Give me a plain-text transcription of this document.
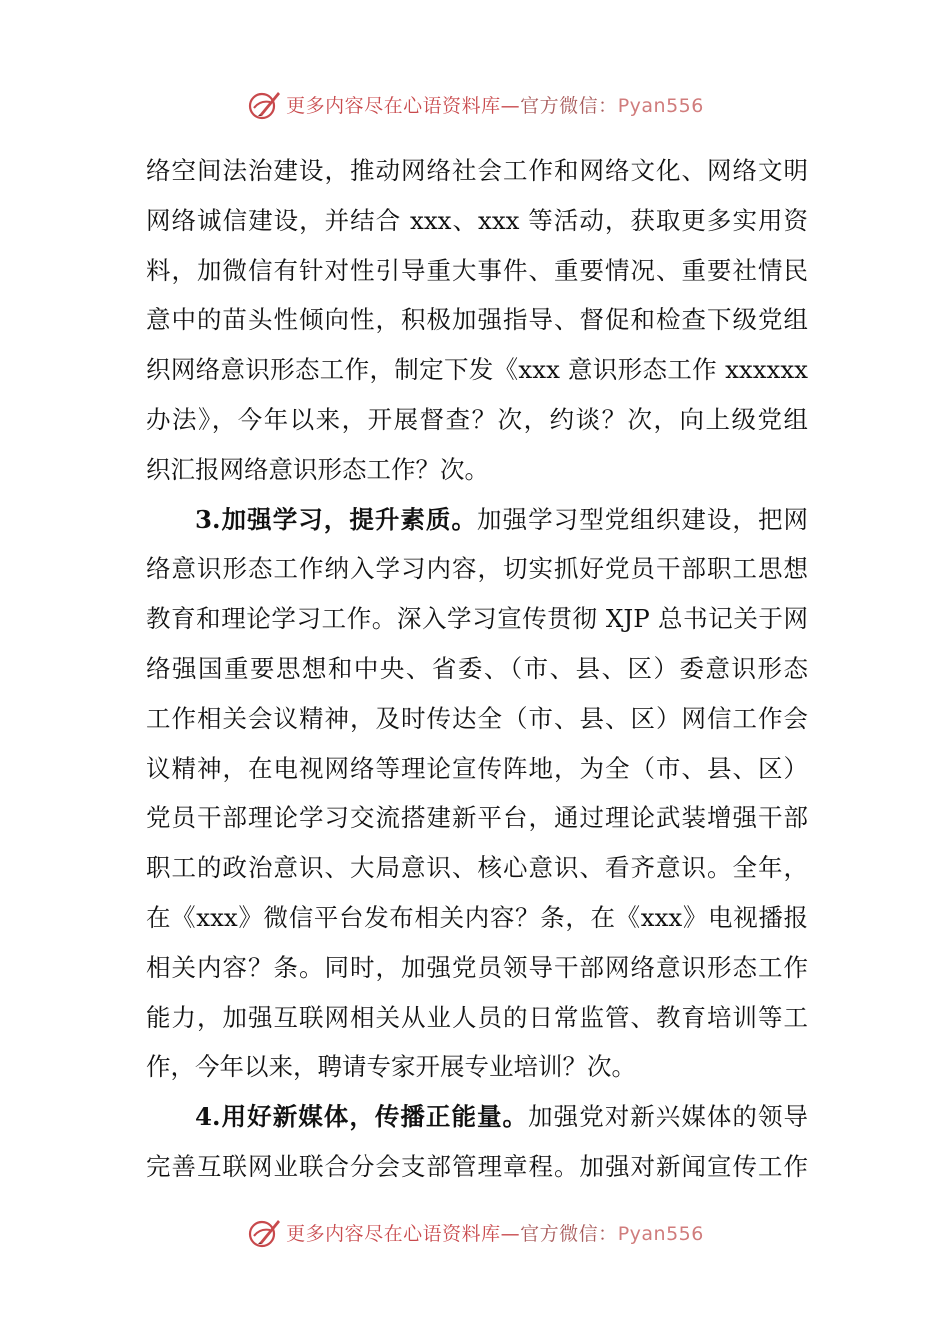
更多内容尽在心语资料库—官方微信：Pyan556
络空间法治建设，推动网络社会工作和网络文化、网络文明
网络诚信建设，并结合 xxx、xxx 等活动，获取更多实用资
料，加微信有针对性引导重大事件、重要情况、重要社情民
意中的苗头性倾向性，积极加强指导、督促和检查下级党组
织网络意识形态工作，制定下发《xxx 意识形态工作 xxxxxx
办法》，今年以来，开展督查？次，约谈？次，向上级党组
织汇报网络意识形态工作？次。
3.加强学习，提升素质。加强学习型党组织建设，把网
络意识形态工作纳入学习内容，切实抓好党员干部职工思想
教育和理论学习工作。深入学习宣传贯彻 XJP 总书记关于网
络强国重要思想和中央、省委、（市、县、区）委意识形态
工作相关会议精神，及时传达全（市、县、区）网信工作会
议精神，在电视网络等理论宣传阵地，为全（市、县、区）
党员干部理论学习交流搭建新平台，通过理论武装增强干部
职工的政治意识、大局意识、核心意识、看齐意识。全年，
在《xxx》微信平台发布相关内容？条，在《xxx》电视播报
相关内容？条。同时，加强党员领导干部网络意识形态工作
能力，加强互联网相关从业人员的日常监管、教育培训等工
作，今年以来，聘请专家开展专业培训？次。
4.用好新媒体，传播正能量。加强党对新兴媒体的领导
完善互联网业联合分会支部管理章程。加强对新闻宣传工作
更多内容尽在心语资料库—官方微信：Pyan556
